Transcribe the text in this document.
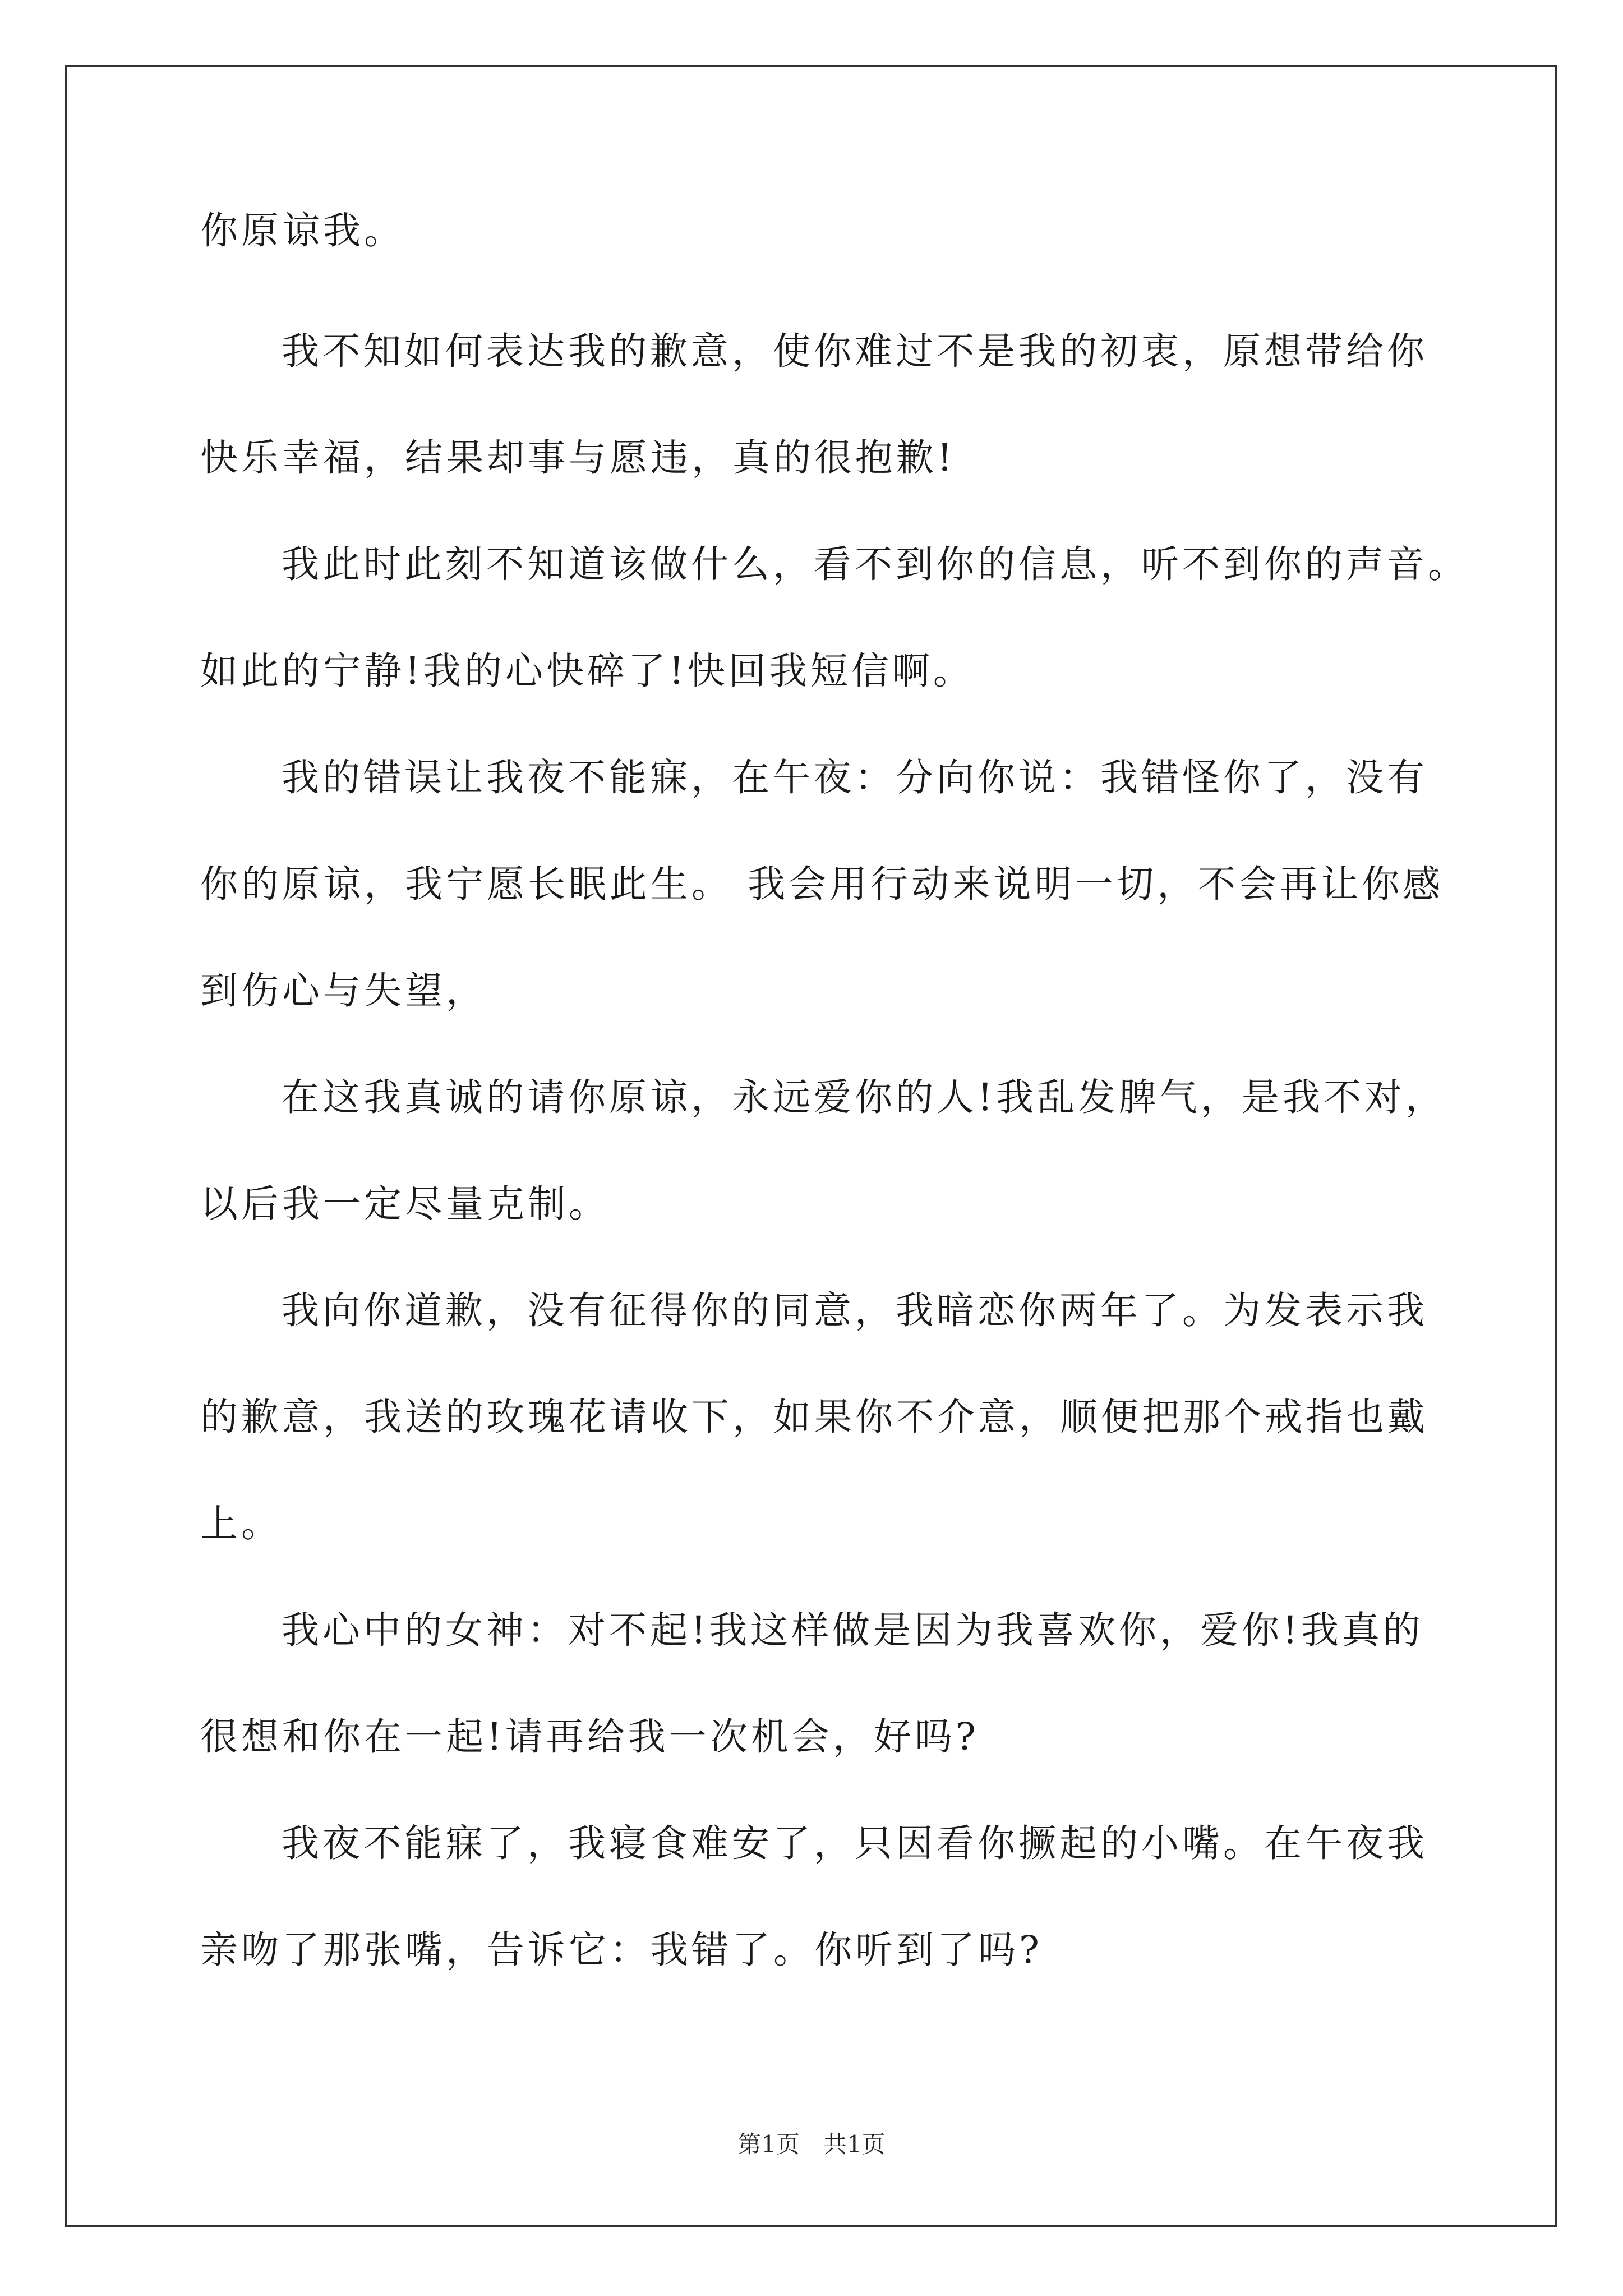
你原谅我。
我不知如何表达我的歉意，使你难过不是我的初衷，原想带给你
快乐幸福，结果却事与愿违，真的很抱歉!
我此时此刻不知道该做什么，看不到你的信息，听不到你的声音。
如此的宁静!我的心快碎了!快回我短信啊。
我的错误让我夜不能寐，在午夜：分向你说：我错怪你了，没有
你的原谅，我宁愿长眠此生。 我会用行动来说明一切，不会再让你感
到伤心与失望，
在这我真诚的请你原谅，永远爱你的人!我乱发脾气，是我不对，
以后我一定尽量克制。
我向你道歉，没有征得你的同意，我暗恋你两年了。为发表示我
的歉意，我送的玫瑰花请收下，如果你不介意，顺便把那个戒指也戴
上。
我心中的女神：对不起!我这样做是因为我喜欢你，爱你!我真的
很想和你在一起!请再给我一次机会，好吗?
我夜不能寐了，我寝食难安了，只因看你撅起的小嘴。在午夜我
亲吻了那张嘴，告诉它：我错了。你听到了吗?
第1页　共1页
